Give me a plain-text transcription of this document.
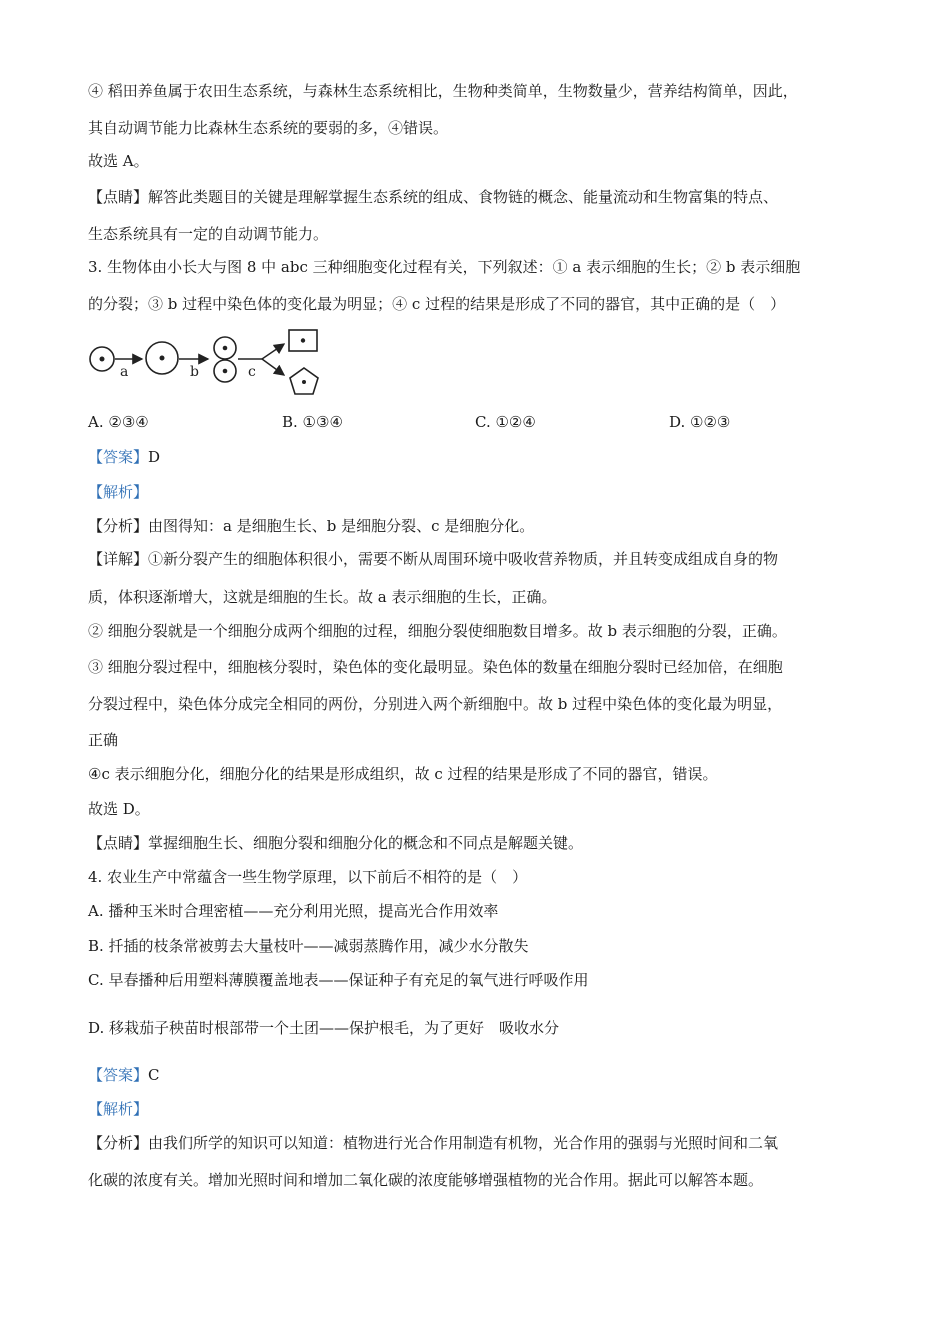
④ 稻田养鱼属于农田生态系统，与森林生态系统相比，生物种类简单，生物数量少，营养结构简单，因此，
其自动调节能力比森林生态系统的要弱的多，④错误。
故选 A。
【点睛】解答此类题目的关键是理解掌握生态系统的组成、食物链的概念、能量流动和生物富集的特点、
生态系统具有一定的自动调节能力。
3. 生物体由小长大与图 8 中 abc 三种细胞变化过程有关，下列叙述：① a 表示细胞的生长；② b 表示细胞
的分裂；③ b 过程中染色体的变化最为明显；④ c 过程的结果是形成了不同的器官，其中正确的是（　）
a	b	c
A. ②③④	B. ①③④	C. ①②④	D. ①②③
【答案】D
【解析】
【分析】由图得知：a 是细胞生长、b 是细胞分裂、c 是细胞分化。
【详解】①新分裂产生的细胞体积很小，需要不断从周围环境中吸收营养物质，并且转变成组成自身的物
质，体积逐渐增大，这就是细胞的生长。故 a 表示细胞的生长，正确。
② 细胞分裂就是一个细胞分成两个细胞的过程，细胞分裂使细胞数目增多。故 b 表示细胞的分裂，正确。
③ 细胞分裂过程中，细胞核分裂时，染色体的变化最明显。染色体的数量在细胞分裂时已经加倍，在细胞
分裂过程中，染色体分成完全相同的两份，分别进入两个新细胞中。故 b 过程中染色体的变化最为明显，
正确
④c 表示细胞分化，细胞分化的结果是形成组织，故 c 过程的结果是形成了不同的器官，错误。
故选 D。
【点睛】掌握细胞生长、细胞分裂和细胞分化的概念和不同点是解题关键。
4. 农业生产中常蕴含一些生物学原理，以下前后不相符的是（　）
A. 播种玉米时合理密植——充分利用光照，提高光合作用效率
B. 扦插的枝条常被剪去大量枝叶——减弱蒸腾作用，减少水分散失
C. 早春播种后用塑料薄膜覆盖地表——保证种子有充足的氧气进行呼吸作用
D. 移栽茄子秧苗时根部带一个土团——保护根毛，为了更好　吸收水分
【答案】C
【解析】
【分析】由我们所学的知识可以知道：植物进行光合作用制造有机物，光合作用的强弱与光照时间和二氧
化碳的浓度有关。增加光照时间和增加二氧化碳的浓度能够增强植物的光合作用。据此可以解答本题。
